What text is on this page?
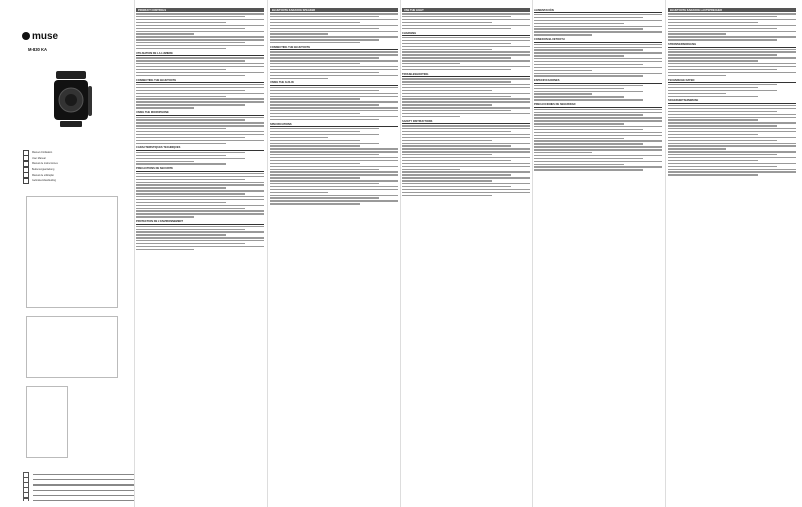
muse
M-830 KA
Manuel d'utilisation
User Manual
Manual de instrucciones
Bedienungsanleitung
Manual de utilização
Gebruikershandleiding
PRODUCT CONTROLS
UTILISATION DE LA LUMIERE
CONNECTING THE BLUETOOTH
USING THE MICROPHONE
CARACTERISTIQUES TECHNIQUES
PRÉCAUTIONS DE SÉCURITÉ
PROTECTION DE L'ENVIRONNEMENT
BLUETOOTH KARAOKE SPEAKER
CONNECTING THE BLUETOOTH
USING THE AUX-IN
SPECIFICATIONS
USE THE LIGHT
CHARGING
TROUBLESHOOTING
SAFETY INSTRUCTIONS
ALIMENTACIÓN
CONEXIÓN BLUETOOTH
ESPECIFICACIONES
PRECAUCIONES DE SEGURIDAD
BLUETOOTH KARAOKE LAUTSPRECHER
STROMVERSORGUNG
TECHNISCHE DATEN
SICHERHEITSHINWEISE
